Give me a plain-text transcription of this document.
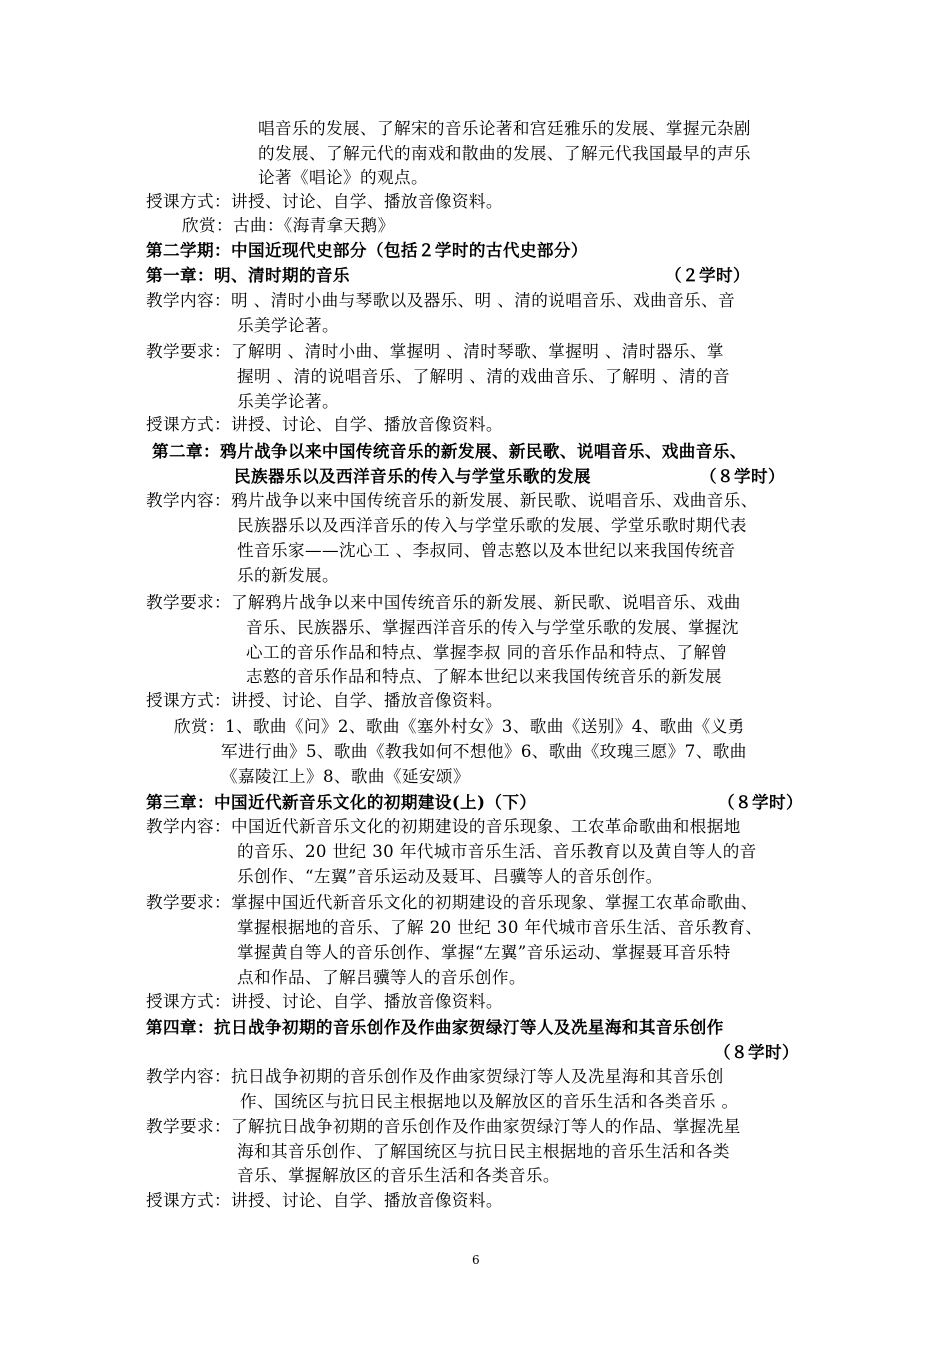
唱音乐的发展、了解宋的音乐论著和宫廷雅乐的发展、掌握元杂剧
的发展、了解元代的南戏和散曲的发展、了解元代我国最早的声乐
论著《唱论》的观点。
授课方式：讲授、讨论、自学、播放音像资料。
欣赏：古曲：《海青拿天鹅》
第二学期：中国近现代史部分（包括２学时的古代史部分）
第一章：明、清时期的音乐	（２学时）
教学内容：明 、清时小曲与琴歌以及器乐、明 、清的说唱音乐、戏曲音乐、音
乐美学论著。
教学要求：了解明 、清时小曲、掌握明 、清时琴歌、掌握明 、清时器乐、掌
握明 、清的说唱音乐、了解明 、清的戏曲音乐、了解明 、清的音
乐美学论著。
授课方式：讲授、讨论、自学、播放音像资料。
第二章：鸦片战争以来中国传统音乐的新发展、新民歌、说唱音乐、戏曲音乐、
民族器乐以及西洋音乐的传入与学堂乐歌的发展	（８学时）
教学内容：鸦片战争以来中国传统音乐的新发展、新民歌、说唱音乐、戏曲音乐、
民族器乐以及西洋音乐的传入与学堂乐歌的发展、学堂乐歌时期代表
性音乐家——沈心工 、李叔同、曾志憝以及本世纪以来我国传统音
乐的新发展。
教学要求：了解鸦片战争以来中国传统音乐的新发展、新民歌、说唱音乐、戏曲
音乐、民族器乐、掌握西洋音乐的传入与学堂乐歌的发展、掌握沈
心工的音乐作品和特点、掌握李叔 同的音乐作品和特点、了解曾
志憝的音乐作品和特点、了解本世纪以来我国传统音乐的新发展
授课方式：讲授、讨论、自学、播放音像资料。
欣赏：1、歌曲《问》2、歌曲《塞外村女》3、歌曲《送别》4、歌曲《义勇
军进行曲》5、歌曲《教我如何不想他》6、歌曲《玫瑰三愿》7、歌曲
《嘉陵江上》8、歌曲《延安颂》
第三章：中国近代新音乐文化的初期建设(上)（下）	（８学时）
教学内容：中国近代新音乐文化的初期建设的音乐现象、工农革命歌曲和根据地
的音乐、20 世纪 30 年代城市音乐生活、音乐教育以及黄自等人的音
乐创作、“左翼”音乐运动及聂耳、吕骥等人的音乐创作。
教学要求：掌握中国近代新音乐文化的初期建设的音乐现象、掌握工农革命歌曲、
掌握根据地的音乐、了解 20 世纪 30 年代城市音乐生活、音乐教育、
掌握黄自等人的音乐创作、掌握“左翼”音乐运动、掌握聂耳音乐特
点和作品、了解吕骥等人的音乐创作。
授课方式：讲授、讨论、自学、播放音像资料。
第四章：抗日战争初期的音乐创作及作曲家贺绿汀等人及冼星海和其音乐创作
（８学时）
教学内容：抗日战争初期的音乐创作及作曲家贺绿汀等人及冼星海和其音乐创
作、国统区与抗日民主根据地以及解放区的音乐生活和各类音乐 。
教学要求：了解抗日战争初期的音乐创作及作曲家贺绿汀等人的作品、掌握冼星
海和其音乐创作、了解国统区与抗日民主根据地的音乐生活和各类
音乐、掌握解放区的音乐生活和各类音乐。
授课方式：讲授、讨论、自学、播放音像资料。
6
